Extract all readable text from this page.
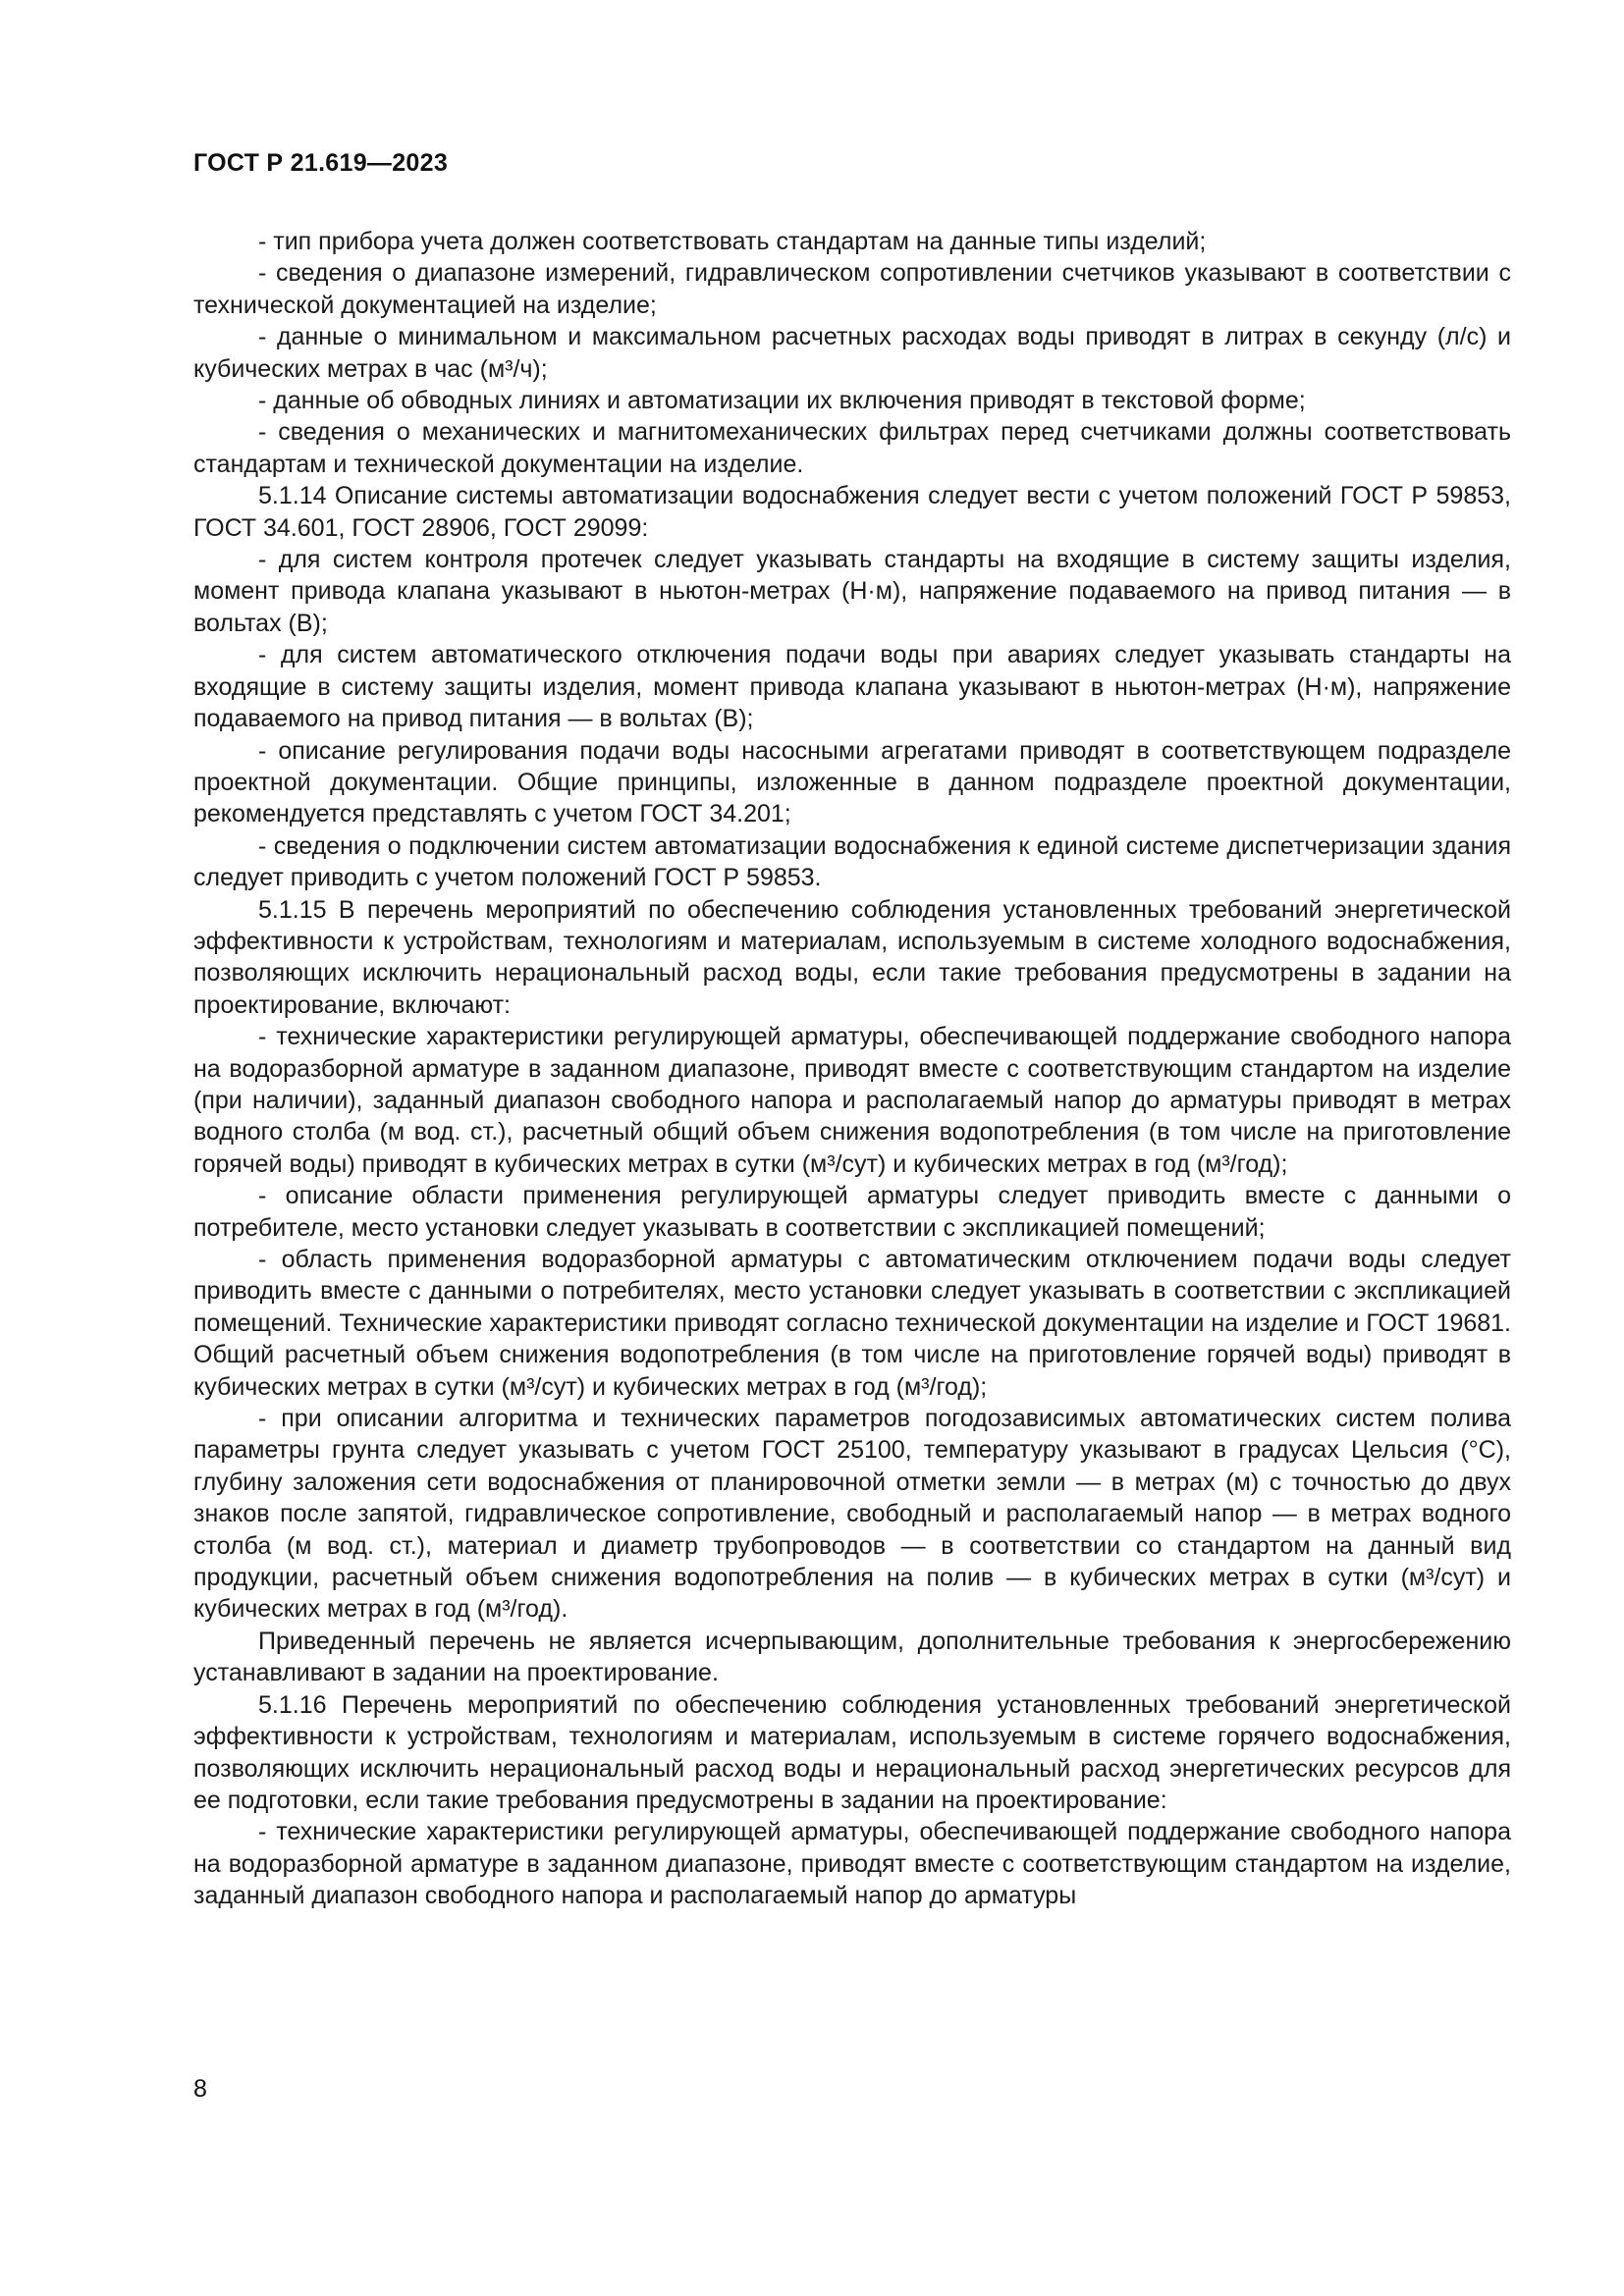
ГОСТ Р 21.619—2023

- тип прибора учета должен соответствовать стандартам на данные типы изделий;

- сведения о диапазоне измерений, гидравлическом сопротивлении счетчиков указывают в соответствии с технической документацией на изделие;

- данные о минимальном и максимальном расчетных расходах воды приводят в литрах в секунду (л/с) и кубических метрах в час (м³/ч);

- данные об обводных линиях и автоматизации их включения приводят в текстовой форме;

- сведения о механических и магнитомеханических фильтрах перед счетчиками должны соответствовать стандартам и технической документации на изделие.

5.1.14 Описание системы автоматизации водоснабжения следует вести с учетом положений ГОСТ Р 59853, ГОСТ 34.601, ГОСТ 28906, ГОСТ 29099:

- для систем контроля протечек следует указывать стандарты на входящие в систему защиты изделия, момент привода клапана указывают в ньютон-метрах (Н·м), напряжение подаваемого на привод питания — в вольтах (В);

- для систем автоматического отключения подачи воды при авариях следует указывать стандарты на входящие в систему защиты изделия, момент привода клапана указывают в ньютон-метрах (Н·м), напряжение подаваемого на привод питания — в вольтах (В);

- описание регулирования подачи воды насосными агрегатами приводят в соответствующем подразделе проектной документации. Общие принципы, изложенные в данном подразделе проектной документации, рекомендуется представлять с учетом ГОСТ 34.201;

- сведения о подключении систем автоматизации водоснабжения к единой системе диспетчеризации здания следует приводить с учетом положений ГОСТ Р 59853.

5.1.15 В перечень мероприятий по обеспечению соблюдения установленных требований энергетической эффективности к устройствам, технологиям и материалам, используемым в системе холодного водоснабжения, позволяющих исключить нерациональный расход воды, если такие требования предусмотрены в задании на проектирование, включают:

- технические характеристики регулирующей арматуры, обеспечивающей поддержание свободного напора на водоразборной арматуре в заданном диапазоне, приводят вместе с соответствующим стандартом на изделие (при наличии), заданный диапазон свободного напора и располагаемый напор до арматуры приводят в метрах водного столба (м вод. ст.), расчетный общий объем снижения водопотребления (в том числе на приготовление горячей воды) приводят в кубических метрах в сутки (м³/сут) и кубических метрах в год (м³/год);

- описание области применения регулирующей арматуры следует приводить вместе с данными о потребителе, место установки следует указывать в соответствии с экспликацией помещений;

- область применения водоразборной арматуры с автоматическим отключением подачи воды следует приводить вместе с данными о потребителях, место установки следует указывать в соответствии с экспликацией помещений. Технические характеристики приводят согласно технической документации на изделие и ГОСТ 19681. Общий расчетный объем снижения водопотребления (в том числе на приготовление горячей воды) приводят в кубических метрах в сутки (м³/сут) и кубических метрах в год (м³/год);

- при описании алгоритма и технических параметров погодозависимых автоматических систем полива параметры грунта следует указывать с учетом ГОСТ 25100, температуру указывают в градусах Цельсия (°С), глубину заложения сети водоснабжения от планировочной отметки земли — в метрах (м) с точностью до двух знаков после запятой, гидравлическое сопротивление, свободный и располагаемый напор — в метрах водного столба (м вод. ст.), материал и диаметр трубопроводов — в соответствии со стандартом на данный вид продукции, расчетный объем снижения водопотребления на полив — в кубических метрах в сутки (м³/сут) и кубических метрах в год (м³/год).

Приведенный перечень не является исчерпывающим, дополнительные требования к энергосбережению устанавливают в задании на проектирование.

5.1.16 Перечень мероприятий по обеспечению соблюдения установленных требований энергетической эффективности к устройствам, технологиям и материалам, используемым в системе горячего водоснабжения, позволяющих исключить нерациональный расход воды и нерациональный расход энергетических ресурсов для ее подготовки, если такие требования предусмотрены в задании на проектирование:

- технические характеристики регулирующей арматуры, обеспечивающей поддержание свободного напора на водоразборной арматуре в заданном диапазоне, приводят вместе с соответствующим стандартом на изделие, заданный диапазон свободного напора и располагаемый напор до арматуры

8
